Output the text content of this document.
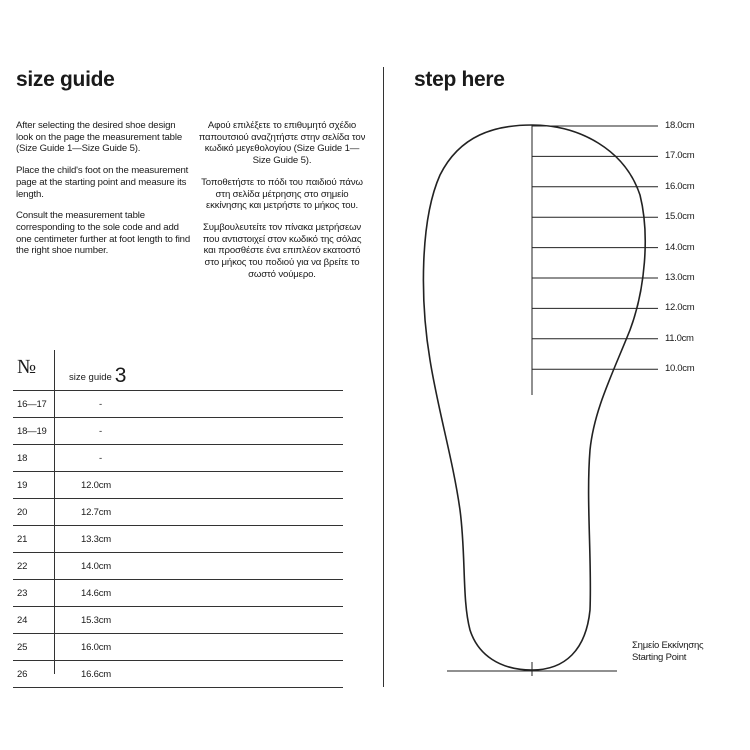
size guide

After selecting the desired shoe design look on the page the measurement table (Size Guide 1—Size Guide 5).

Place the child's foot on the measurement page at the starting point and measure its length.

Consult the measurement table corresponding to the sole code and add one centimeter further at foot length to find the right shoe number.

Αφού επιλέξετε το επιθυμητό σχέδιο παπουτσιού αναζητήστε στην σελίδα τον κωδικό μεγεθολογίου (Size Guide 1—Size Guide 5).

Τοποθετήστε το πόδι του παιδιού πάνω στη σελίδα μέτρησης στο σημείο εκκίνησης και μετρήστε το μήκος του.

Συμβουλευτείτε τον πίνακα μετρήσεων που αντιστοιχεί στον κωδικό της σόλας και προσθέστε ένα επιπλέον εκατοστό στο μήκος του ποδιού για να βρείτε το σωστό νούμερο.

№	size guide 3
16—17	-
18—19	-
18	-
19	12.0cm
20	12.7cm
21	13.3cm
22	14.0cm
23	14.6cm
24	15.3cm
25	16.0cm
26	16.6cm
step here
18.0cm
17.0cm
16.0cm
15.0cm
14.0cm
13.0cm
12.0cm
11.0cm
10.0cm
Σημείο Εκκίνησης
Starting Point
